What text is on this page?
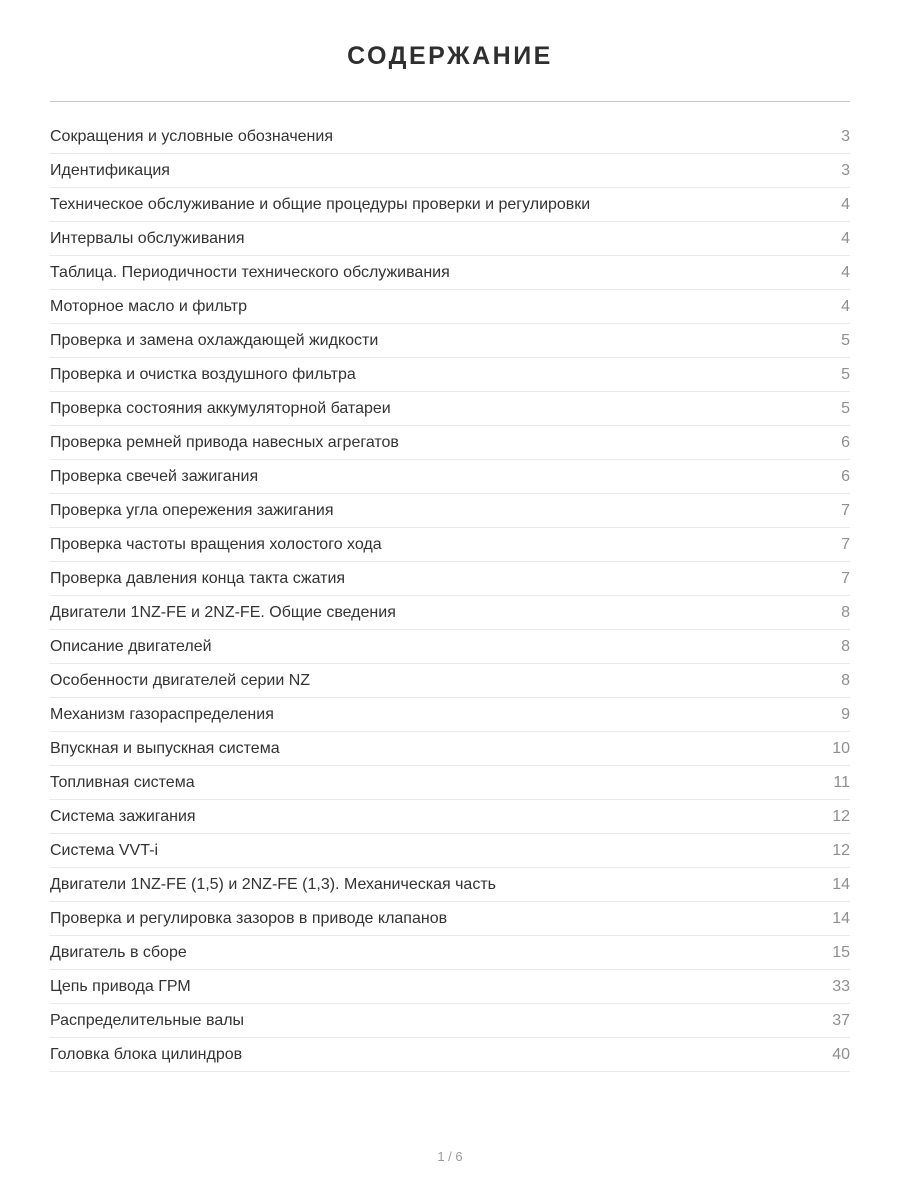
СОДЕРЖАНИЕ
Сокращения и условные обозначения	3
Идентификация	3
Техническое обслуживание и общие процедуры проверки и регулировки	4
Интервалы обслуживания	4
Таблица. Периодичности технического обслуживания	4
Моторное масло и фильтр	4
Проверка и замена охлаждающей жидкости	5
Проверка и очистка воздушного фильтра	5
Проверка состояния аккумуляторной батареи	5
Проверка ремней привода навесных агрегатов	6
Проверка свечей зажигания	6
Проверка угла опережения зажигания	7
Проверка частоты вращения холостого хода	7
Проверка давления конца такта сжатия	7
Двигатели 1NZ-FE и 2NZ-FE. Общие сведения	8
Описание двигателей	8
Особенности двигателей серии NZ	8
Механизм газораспределения	9
Впускная и выпускная система	10
Топливная система	11
Система зажигания	12
Система VVT-i	12
Двигатели 1NZ-FE (1,5) и 2NZ-FE (1,3). Механическая часть	14
Проверка и регулировка зазоров в приводе клапанов	14
Двигатель в сборе	15
Цепь привода ГРМ	33
Распределительные валы	37
Головка блока цилиндров	40
1 / 6
